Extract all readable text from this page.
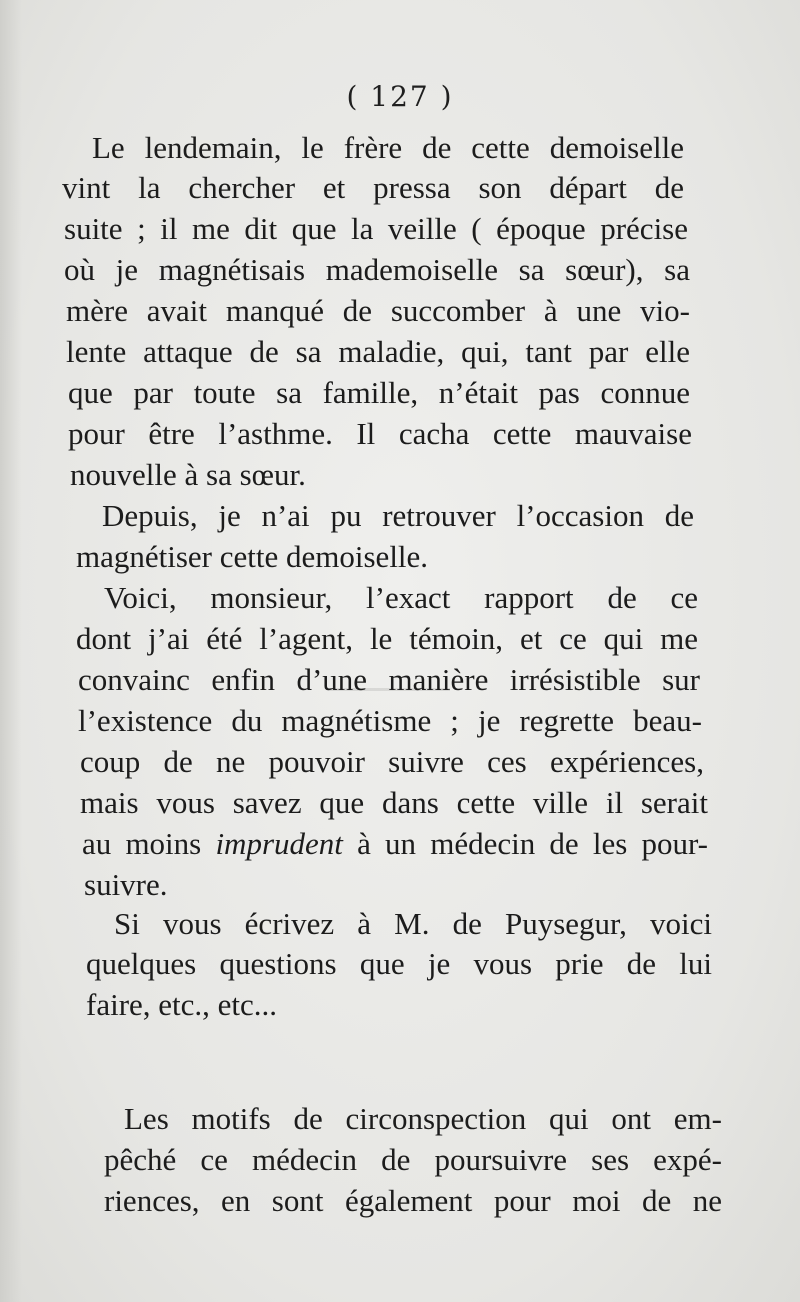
( 127 )
Le lendemain, le frère de cette demoiselle
vint la chercher et pressa son départ de
suite ; il me dit que la veille ( époque précise
où je magnétisais mademoiselle sa sœur), sa
mère avait manqué de succomber à une vio-
lente attaque de sa maladie, qui, tant par elle
que par toute sa famille, n’était pas connue
pour être l’asthme. Il cacha cette mauvaise
nouvelle à sa sœur.
Depuis, je n’ai pu retrouver l’occasion de
magnétiser cette demoiselle.
Voici, monsieur, l’exact rapport de ce
dont j’ai été l’agent, le témoin, et ce qui me
convainc enfin d’une manière irrésistible sur
l’existence du magnétisme ; je regrette beau-
coup de ne pouvoir suivre ces expériences,
mais vous savez que dans cette ville il serait
au moins imprudent à un médecin de les pour-
suivre.
Si vous écrivez à M. de Puysegur, voici
quelques questions que je vous prie de lui
faire, etc., etc...
Les motifs de circonspection qui ont em-
pêché ce médecin de poursuivre ses expé-
riences, en sont également pour moi de ne
